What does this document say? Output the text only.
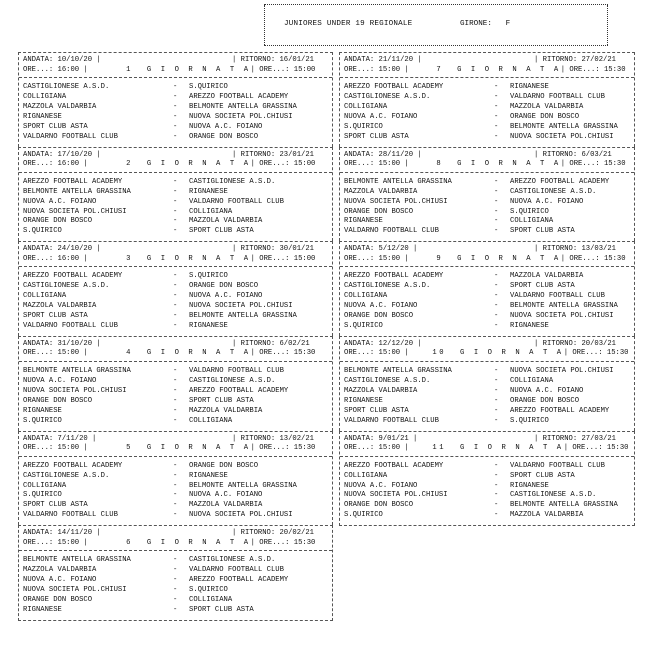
JUNIORES UNDER 19 REGIONALE	GIRONE: F
ANDATA: 10/10/20 |	| RITORNO: 16/01/21
ORE...: 16:00 |	1 G I O R N A T A | ORE...: 15:00
CASTIGLIONESE A.S.D.	-	S.QUIRICO
COLLIGIANA	-	AREZZO FOOTBALL ACADEMY
MAZZOLA VALDARBIA	-	BELMONTE ANTELLA GRASSINA
RIGNANESE	-	NUOVA SOCIETA POL.CHIUSI
SPORT CLUB ASTA	-	NUOVA A.C. FOIANO
VALDARNO FOOTBALL CLUB	-	ORANGE DON BOSCO
ANDATA: 17/10/20 |	| RITORNO: 23/01/21
ORE...: 16:00 |	2 G I O R N A T A | ORE...: 15:00
AREZZO FOOTBALL ACADEMY	-	CASTIGLIONESE A.S.D.
BELMONTE ANTELLA GRASSINA	-	RIGNANESE
NUOVA A.C. FOIANO	-	VALDARNO FOOTBALL CLUB
NUOVA SOCIETA POL.CHIUSI	-	COLLIGIANA
ORANGE DON BOSCO	-	MAZZOLA VALDARBIA
S.QUIRICO	-	SPORT CLUB ASTA
ANDATA: 24/10/20 |	| RITORNO: 30/01/21
ORE...: 16:00 |	3 G I O R N A T A | ORE...: 15:00
AREZZO FOOTBALL ACADEMY	-	S.QUIRICO
CASTIGLIONESE A.S.D.	-	ORANGE DON BOSCO
COLLIGIANA	-	NUOVA A.C. FOIANO
MAZZOLA VALDARBIA	-	NUOVA SOCIETA POL.CHIUSI
SPORT CLUB ASTA	-	BELMONTE ANTELLA GRASSINA
VALDARNO FOOTBALL CLUB	-	RIGNANESE
ANDATA: 31/10/20 |	| RITORNO: 6/02/21
ORE...: 15:00 |	4 G I O R N A T A | ORE...: 15:30
BELMONTE ANTELLA GRASSINA	-	VALDARNO FOOTBALL CLUB
NUOVA A.C. FOIANO	-	CASTIGLIONESE A.S.D.
NUOVA SOCIETA POL.CHIUSI	-	AREZZO FOOTBALL ACADEMY
ORANGE DON BOSCO	-	SPORT CLUB ASTA
RIGNANESE	-	MAZZOLA VALDARBIA
S.QUIRICO	-	COLLIGIANA
ANDATA: 7/11/20 |	| RITORNO: 13/02/21
ORE...: 15:00 |	5 G I O R N A T A | ORE...: 15:30
AREZZO FOOTBALL ACADEMY	-	ORANGE DON BOSCO
CASTIGLIONESE A.S.D.	-	RIGNANESE
COLLIGIANA	-	BELMONTE ANTELLA GRASSINA
S.QUIRICO	-	NUOVA A.C. FOIANO
SPORT CLUB ASTA	-	MAZZOLA VALDARBIA
VALDARNO FOOTBALL CLUB	-	NUOVA SOCIETA POL.CHIUSI
ANDATA: 14/11/20 |	| RITORNO: 20/02/21
ORE...: 15:00 |	6 G I O R N A T A | ORE...: 15:30
BELMONTE ANTELLA GRASSINA	-	CASTIGLIONESE A.S.D.
MAZZOLA VALDARBIA	-	VALDARNO FOOTBALL CLUB
NUOVA A.C. FOIANO	-	AREZZO FOOTBALL ACADEMY
NUOVA SOCIETA POL.CHIUSI	-	S.QUIRICO
ORANGE DON BOSCO	-	COLLIGIANA
RIGNANESE	-	SPORT CLUB ASTA
ANDATA: 21/11/20 |	| RITORNO: 27/02/21
ORE...: 15:00 |	7 G I O R N A T A | ORE...: 15:30
AREZZO FOOTBALL ACADEMY	-	RIGNANESE
CASTIGLIONESE A.S.D.	-	VALDARNO FOOTBALL CLUB
COLLIGIANA	-	MAZZOLA VALDARBIA
NUOVA A.C. FOIANO	-	ORANGE DON BOSCO
S.QUIRICO	-	BELMONTE ANTELLA GRASSINA
SPORT CLUB ASTA	-	NUOVA SOCIETA POL.CHIUSI
ANDATA: 28/11/20 |	| RITORNO: 6/03/21
ORE...: 15:00 |	8 G I O R N A T A | ORE...: 15:30
BELMONTE ANTELLA GRASSINA	-	AREZZO FOOTBALL ACADEMY
MAZZOLA VALDARBIA	-	CASTIGLIONESE A.S.D.
NUOVA SOCIETA POL.CHIUSI	-	NUOVA A.C. FOIANO
ORANGE DON BOSCO	-	S.QUIRICO
RIGNANESE	-	COLLIGIANA
VALDARNO FOOTBALL CLUB	-	SPORT CLUB ASTA
ANDATA: 5/12/20 |	| RITORNO: 13/03/21
ORE...: 15:00 |	9 G I O R N A T A | ORE...: 15:30
AREZZO FOOTBALL ACADEMY	-	MAZZOLA VALDARBIA
CASTIGLIONESE A.S.D.	-	SPORT CLUB ASTA
COLLIGIANA	-	VALDARNO FOOTBALL CLUB
NUOVA A.C. FOIANO	-	BELMONTE ANTELLA GRASSINA
ORANGE DON BOSCO	-	NUOVA SOCIETA POL.CHIUSI
S.QUIRICO	-	RIGNANESE
ANDATA: 12/12/20 |	| RITORNO: 20/03/21
ORE...: 15:00 |	10 G I O R N A T A | ORE...: 15:30
BELMONTE ANTELLA GRASSINA	-	NUOVA SOCIETA POL.CHIUSI
CASTIGLIONESE A.S.D.	-	COLLIGIANA
MAZZOLA VALDARBIA	-	NUOVA A.C. FOIANO
RIGNANESE	-	ORANGE DON BOSCO
SPORT CLUB ASTA	-	AREZZO FOOTBALL ACADEMY
VALDARNO FOOTBALL CLUB	-	S.QUIRICO
ANDATA: 9/01/21 |	| RITORNO: 27/03/21
ORE...: 15:00 |	11 G I O R N A T A | ORE...: 15:30
AREZZO FOOTBALL ACADEMY	-	VALDARNO FOOTBALL CLUB
COLLIGIANA	-	SPORT CLUB ASTA
NUOVA A.C. FOIANO	-	RIGNANESE
NUOVA SOCIETA POL.CHIUSI	-	CASTIGLIONESE A.S.D.
ORANGE DON BOSCO	-	BELMONTE ANTELLA GRASSINA
S.QUIRICO	-	MAZZOLA VALDARBIA
